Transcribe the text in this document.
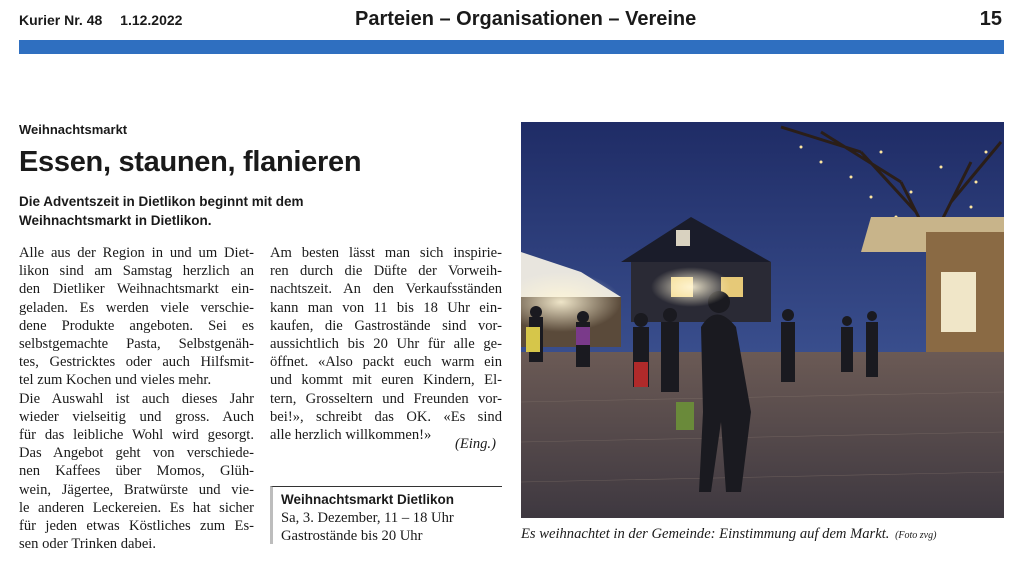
Kurier Nr. 48 1.12.2022	Parteien – Organisationen – Vereine	15
Weihnachtsmarkt
Essen, staunen, flanieren
Die Adventszeit in Dietlikon beginnt mit dem Weihnachtsmarkt in Dietlikon.
Alle aus der Region in und um Diet-
likon sind am Samstag herzlich an
den Dietliker Weihnachtsmarkt ein-
geladen. Es werden viele verschie-
dene Produkte angeboten. Sei es
selbstgemachte Pasta, Selbstgenäh-
tes, Gestricktes oder auch Hilfsmit-
tel zum Kochen und vieles mehr.
Die Auswahl ist auch dieses Jahr
wieder vielseitig und gross. Auch
für das leibliche Wohl wird gesorgt.
Das Angebot geht von verschiede-
nen Kaffees über Momos, Glüh-
wein, Jägertee, Bratwürste und vie-
le anderen Leckereien. Es hat sicher
für jeden etwas Köstliches zum Es-
sen oder Trinken dabei.
Am besten lässt man sich inspirie-
ren durch die Düfte der Vorweih-
nachtszeit. An den Verkaufsständen
kann man von 11 bis 18 Uhr ein-
kaufen, die Gastrostände sind vor-
aussichtlich bis 20 Uhr für alle ge-
öffnet. «Also packt euch warm ein
und kommt mit euren Kindern, El-
tern, Grosseltern und Freunden vor-
bei!», schreibt das OK. «Es sind
alle herzlich willkommen!»
(Eing.)
Weihnachtsmarkt Dietlikon
Sa, 3. Dezember, 11 – 18 Uhr
Gastrostände bis 20 Uhr	Es weihnachtet in der Gemeinde: Einstimmung auf dem Markt. (Foto zvg)
